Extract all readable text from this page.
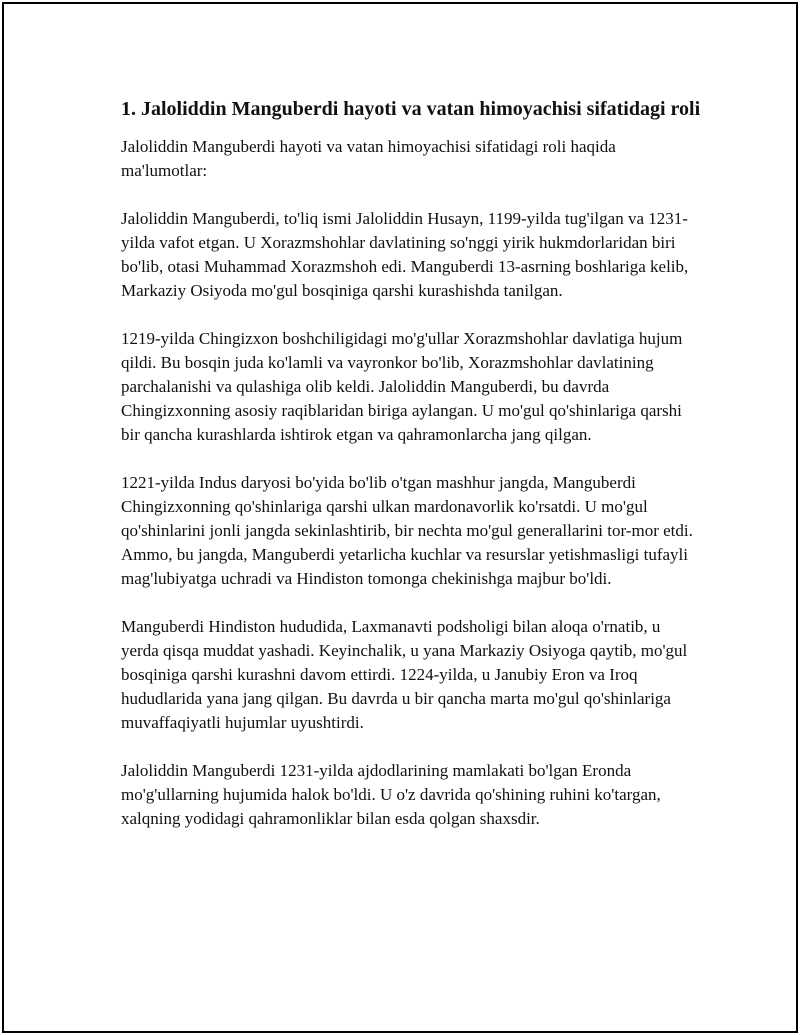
1. Jaloliddin Manguberdi hayoti va vatan himoyachisi sifatidagi roli

Jaloliddin Manguberdi hayoti va vatan himoyachisi sifatidagi roli haqida ma'lumotlar:

Jaloliddin Manguberdi, to'liq ismi Jaloliddin Husayn, 1199-yilda tug'ilgan va 1231-yilda vafot etgan. U Xorazmshohlar davlatining so'nggi yirik hukmdorlaridan biri bo'lib, otasi Muhammad Xorazmshoh edi. Manguberdi 13-asrning boshlariga kelib, Markaziy Osiyoda mo'gul bosqiniga qarshi kurashishda tanilgan.

1219-yilda Chingizxon boshchiligidagi mo'g'ullar Xorazmshohlar davlatiga hujum qildi. Bu bosqin juda ko'lamli va vayronkor bo'lib, Xorazmshohlar davlatining parchalanishi va qulashiga olib keldi. Jaloliddin Manguberdi, bu davrda Chingizxonning asosiy raqiblaridan biriga aylangan. U mo'gul qo'shinlariga qarshi bir qancha kurashlarda ishtirok etgan va qahramonlarcha jang qilgan.

1221-yilda Indus daryosi bo'yida bo'lib o'tgan mashhur jangda, Manguberdi Chingizxonning qo'shinlariga qarshi ulkan mardonavorlik ko'rsatdi. U mo'gul qo'shinlarini jonli jangda sekinlashtirib, bir nechta mo'gul generallarini tor-mor etdi. Ammo, bu jangda, Manguberdi yetarlicha kuchlar va resurslar yetishmasligi tufayli mag'lubiyatga uchradi va Hindiston tomonga chekinishga majbur bo'ldi.

Manguberdi Hindiston hududida, Laxmanavti podsholigi bilan aloqa o'rnatib, u yerda qisqa muddat yashadi. Keyinchalik, u yana Markaziy Osiyoga qaytib, mo'gul bosqiniga qarshi kurashni davom ettirdi. 1224-yilda, u Janubiy Eron va Iroq hududlarida yana jang qilgan. Bu davrda u bir qancha marta mo'gul qo'shinlariga muvaffaqiyatli hujumlar uyushtirdi.

Jaloliddin Manguberdi 1231-yilda ajdodlarining mamlakati bo'lgan Eronda mo'g'ullarning hujumida halok bo'ldi. U o'z davrida qo'shining ruhini ko'targan, xalqning yodidagi qahramonliklar bilan esda qolgan shaxsdir.
